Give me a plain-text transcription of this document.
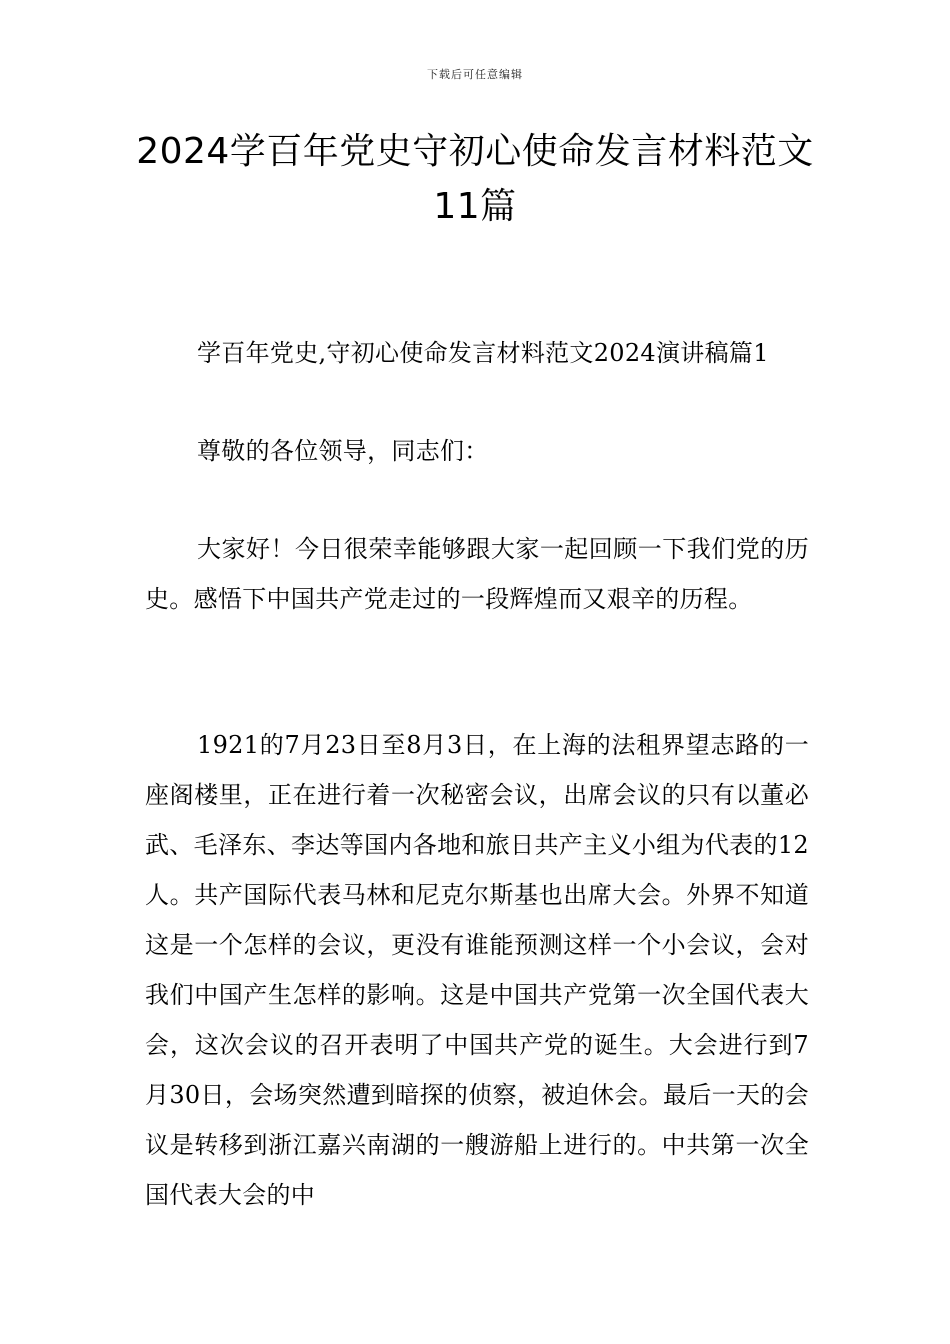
下载后可任意编辑
2024学百年党史守初心使命发言材料范文
11篇

学百年党史,守初心使命发言材料范文2024演讲稿篇1

尊敬的各位领导，同志们：

大家好！今日很荣幸能够跟大家一起回顾一下我们党的历史。感悟下中国共产党走过的一段辉煌而又艰辛的历程。

1921的7月23日至8月3日，在上海的法租界望志路的一座阁楼里，正在进行着一次秘密会议，出席会议的只有以董必武、毛泽东、李达等国内各地和旅日共产主义小组为代表的12人。共产国际代表马林和尼克尔斯基也出席大会。外界不知道这是一个怎样的会议，更没有谁能预测这样一个小会议，会对我们中国产生怎样的影响。这是中国共产党第一次全国代表大会，这次会议的召开表明了中国共产党的诞生。大会进行到7月30日，会场突然遭到暗探的侦察，被迫休会。最后一天的会议是转移到浙江嘉兴南湖的一艘游船上进行的。中共第一次全国代表大会的中
